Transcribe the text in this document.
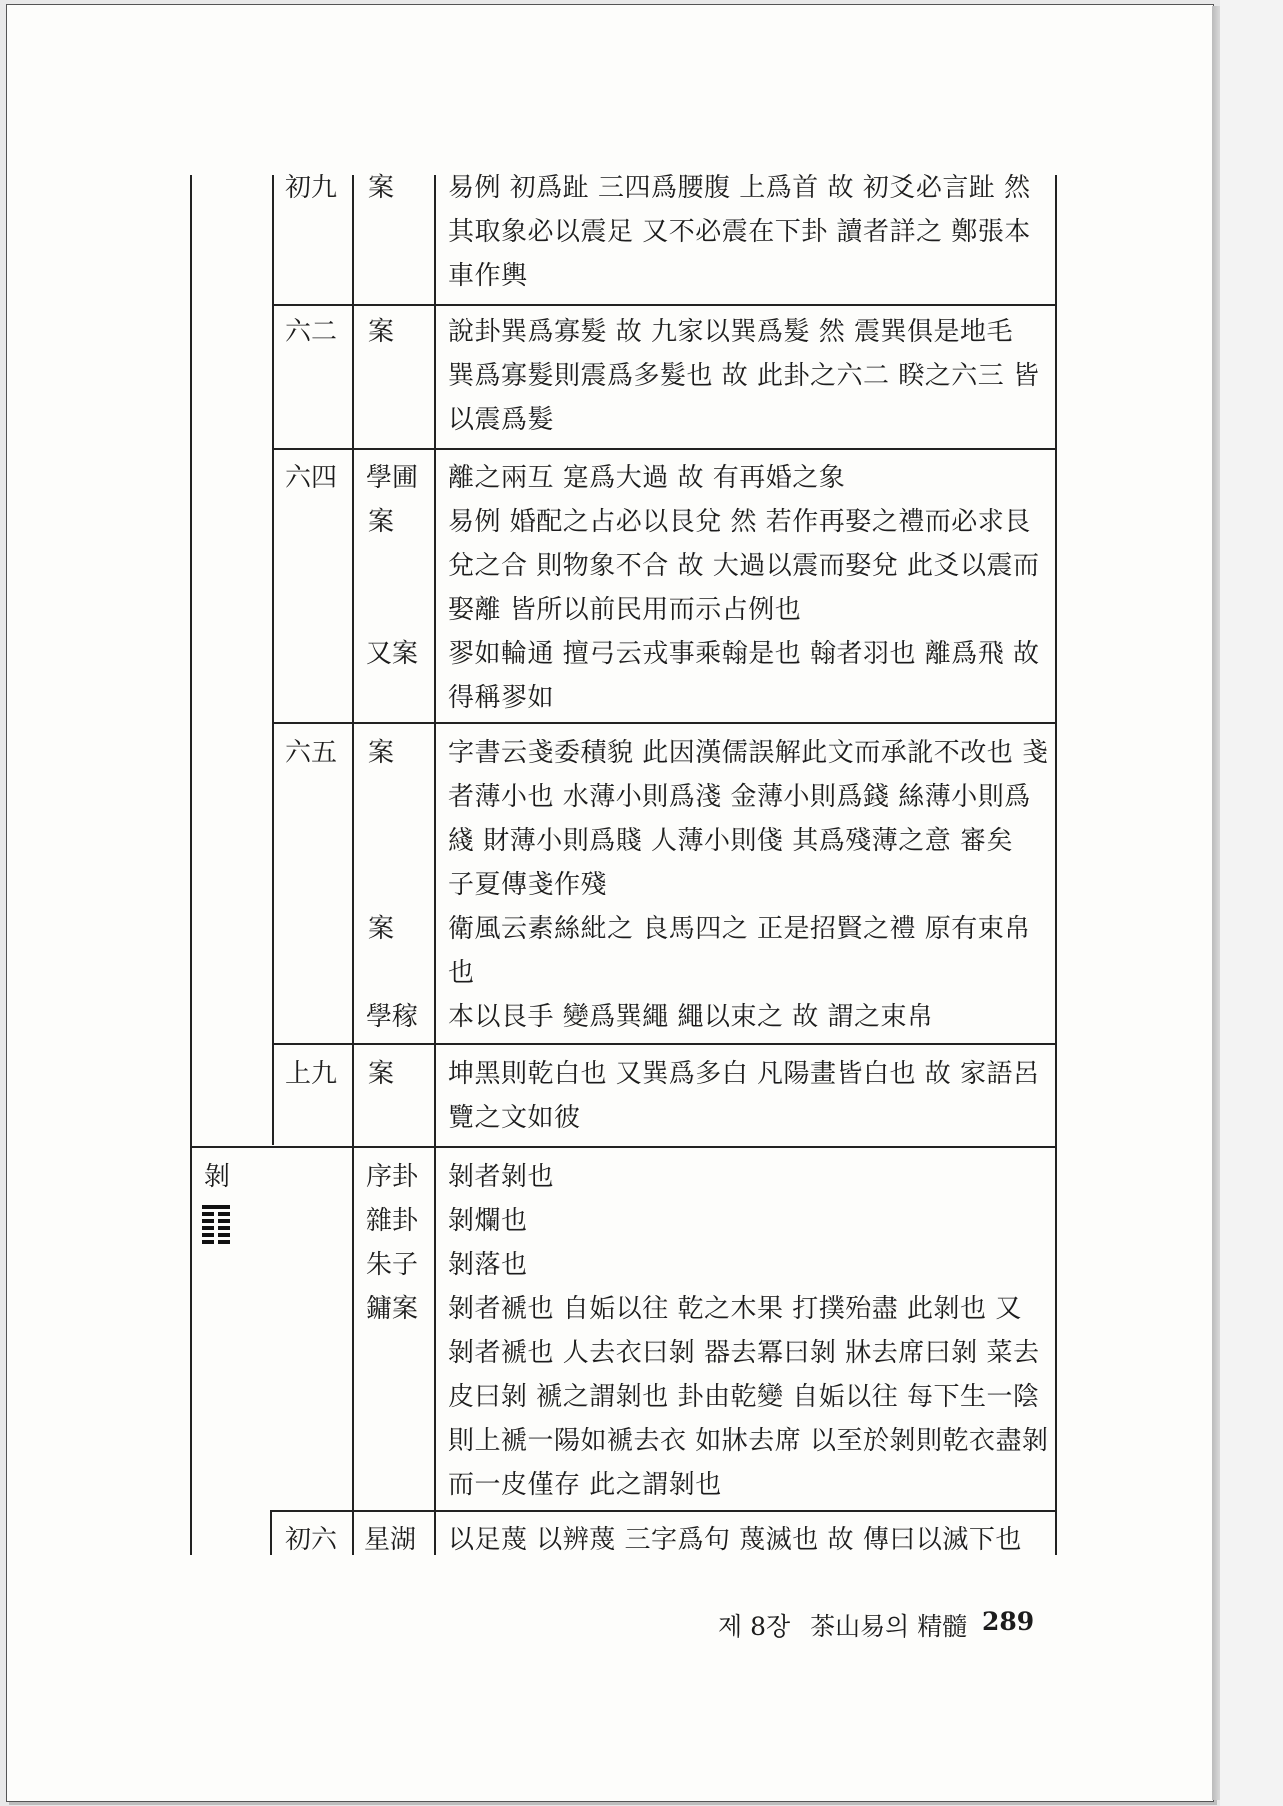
剝
初九 案 易例 初爲趾 三四爲腰腹 上爲首 故 初爻必言趾 然
其取象必以震足 又不必震在下卦 讀者詳之 鄭張本
車作輿
六二 案 說卦巽爲寡髮 故 九家以巽爲髮 然 震巽俱是地毛
巽爲寡髮則震爲多髮也 故 此卦之六二 睽之六三 皆
以震爲髮
六四 學圃 離之兩互 寔爲大過 故 有再婚之象
案 易例 婚配之占必以艮兌 然 若作再娶之禮而必求艮
兌之合 則物象不合 故 大過以震而娶兌 此爻以震而
娶離 皆所以前民用而示占例也
又案 翏如輪通 擅弓云戎事乘翰是也 翰者羽也 離爲飛 故
得稱翏如
六五 案 字書云戔委積貌 此因漢儒誤解此文而承訛不改也 戔
者薄小也 水薄小則爲淺 金薄小則爲錢 絲薄小則爲
綫 財薄小則爲賤 人薄小則俴 其爲殘薄之意 審矣
子夏傳戔作殘
案 衛風云素絲紕之 良馬四之 正是招賢之禮 原有束帛
也
學稼 本以艮手 變爲巽繩 繩以束之 故 謂之束帛
上九 案 坤黑則乾白也 又巽爲多白 凡陽畫皆白也 故 家語呂
覽之文如彼
序卦 剝者剝也
雜卦 剝爛也
朱子 剝落也
鏞案 剝者褫也 自姤以往 乾之木果 打撲殆盡 此剝也 又
剝者褫也 人去衣曰剝 器去冪曰剝 牀去席曰剝 菜去
皮曰剝 褫之謂剝也 卦由乾變 自姤以往 每下生一陰
則上褫一陽如褫去衣 如牀去席 以至於剝則乾衣盡剝
而一皮僅存 此之謂剝也
初六 星湖 以足蔑 以辨蔑 三字爲句 蔑滅也 故 傳曰以滅下也
제 8장 茶山易의 精髓 289
